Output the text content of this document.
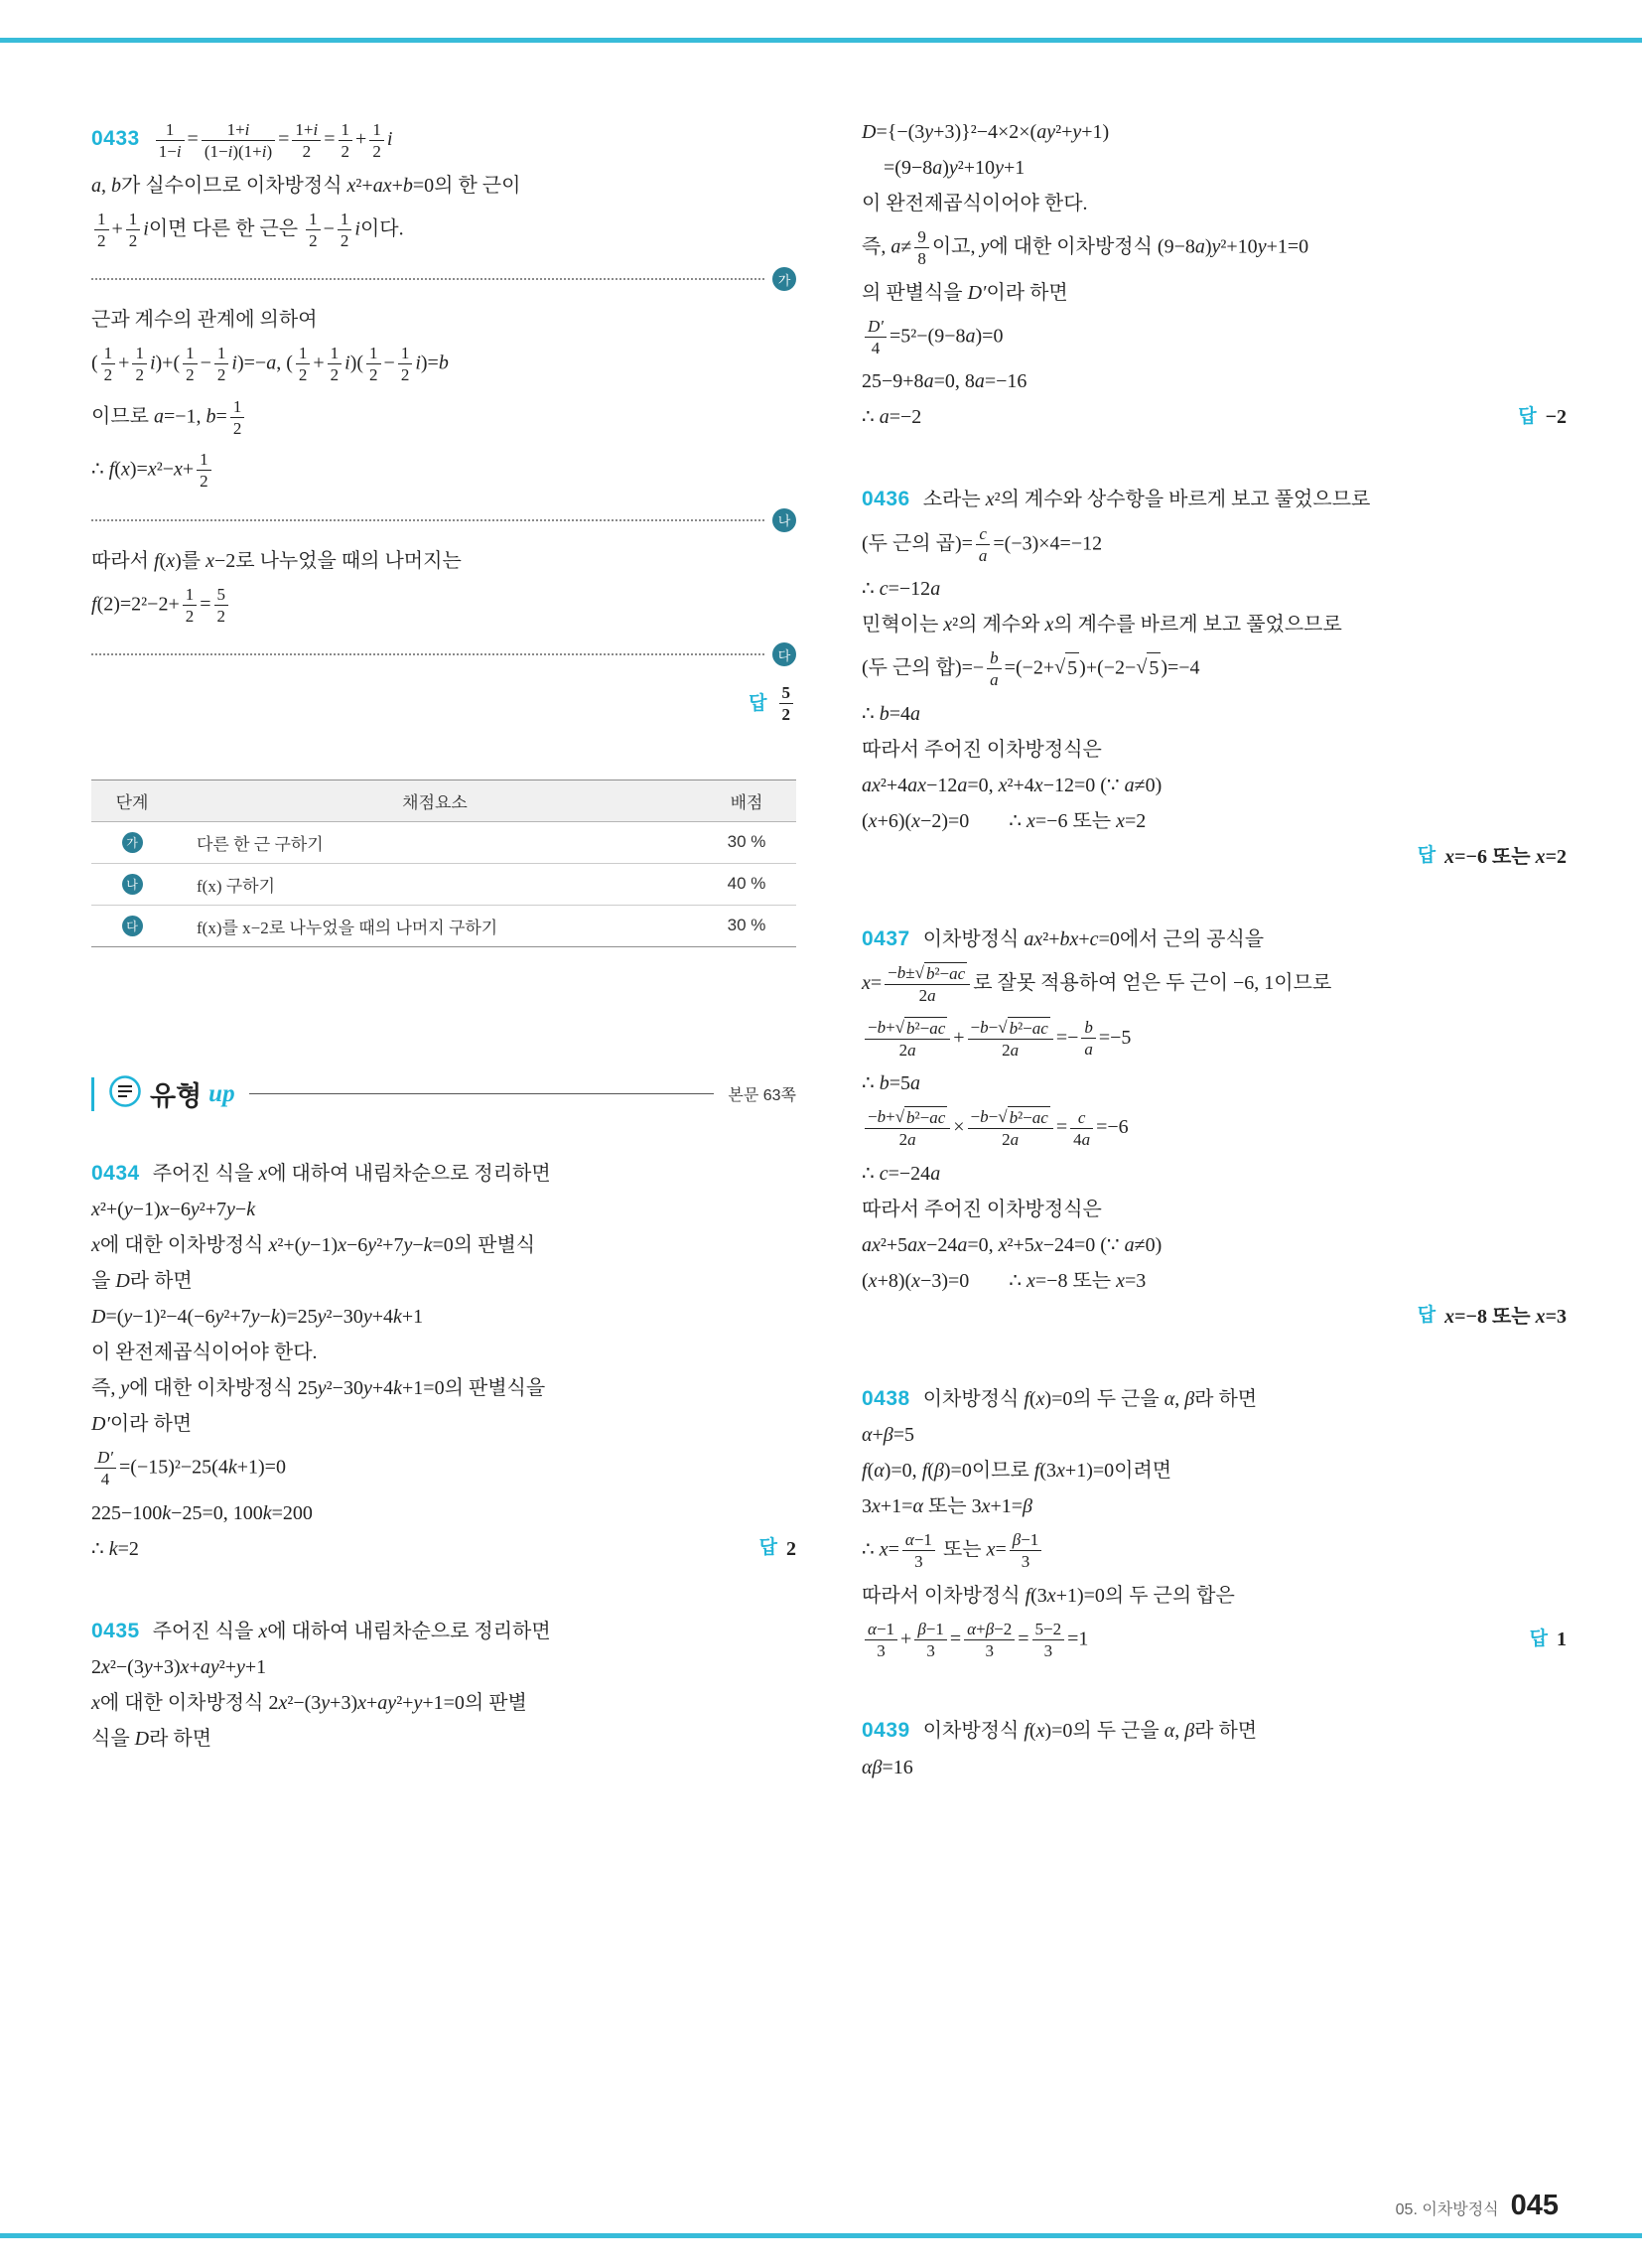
$0433 \frac{1}{1-i} = \frac{1+i}{(1-i)(1+i)} = \frac{1+i}{2} = \frac{1}{2} + \frac{1}{2}$ i
a, b가 실수이므로 이차방정식 x²+ax+b=0의 한 근이
$\frac{1}{2} + \frac{1}{2}$ i이면 다른 한 근은 $\frac{1}{2} - \frac{1}{2}$ i이다.
가
근과 계수의 관계에 의하여
( $\frac{1}{2} + \frac{1}{2} i)+( \frac{1}{2} - \frac{1}{2} i)=-a$, ( $\frac{1}{2} + \frac{1}{2} i)( \frac{1}{2} - \frac{1}{2} i)=b$
이므로 a=−1, $b= \frac{1}{2}$
∴ $f(x)=x^2-x+ \frac{1}{2}$
나
따라서 f(x)를 x−2로 나누었을 때의 나머지는
$f(2)=2^2-2+ \frac{1}{2} = \frac{5}{2}$
다
답 $\frac{5}{2}$
단계	채점요소	배점
가	다른 한 근 구하기	30 %
나	f(x) 구하기	40 %
다	f(x)를 x−2로 나누었을 때의 나머지 구하기	30 %
유형 up	본문 63쪽
0434 주어진 식을 x에 대하여 내림차순으로 정리하면
x²+(y−1)x−6y²+7y−k
x에 대한 이차방정식 x²+(y−1)x−6y²+7y−k=0의 판별식
을 D라 하면
D=(y−1)²−4(−6y²+7y−k)=25y²−30y+4k+1
이 완전제곱식이어야 한다.
즉, y에 대한 이차방정식 25y²−30y+4k+1=0의 판별식을
D′이라 하면
$\frac{D'}{4} =(-15)^2-25(4k+1)=0$
225−100k−25=0, 100k=200
∴ k=2	답 2
0435 주어진 식을 x에 대하여 내림차순으로 정리하면
2x²−(3y+3)x+ay²+y+1
x에 대한 이차방정식 2x²−(3y+3)x+ay²+y+1=0의 판별
식을 D라 하면
D={−(3y+3)}²−4×2×(ay²+y+1)
=(9−8a)y²+10y+1
이 완전제곱식이어야 한다.
즉, $a\ne \frac{9}{8}$ 이고, y에 대한 이차방정식 (9−8a)y²+10y+1=0
의 판별식을 D′이라 하면
$\frac{D'}{4} =5^2-(9-8a)=0$
25−9+8a=0, 8a=−16
∴ a=−2	답 −2
0436 소라는 x²의 계수와 상수항을 바르게 보고 풀었으므로
(두 근의 곱)= $\frac{c}{a} =(-3)\times 4=-12$
∴ c=−12a
민혁이는 x²의 계수와 x의 계수를 바르게 보고 풀었으므로
(두 근의 합)=− $\frac{b}{a} =(-2+$ √ 5 )+(−2− √ 5 )=−4
∴ b=4a
따라서 주어진 이차방정식은
ax²+4ax−12a=0, x²+4x−12=0 (∵ a≠0)
(x+6)(x−2)=0  ∴ x=−6 또는 x=2
답 x=−6 또는 x=2
0437 이차방정식 ax²+bx+c=0에서 근의 공식을
$x= \frac{\text{−b± √ b²−ac}}{2a}$ 로 잘못 적용하여 얻은 두 근이 −6, 1이므로
$\frac{\text{−b+ √ b²−ac}}{2a} + \frac{\text{−b− √ b²−ac}}{2a} =- \frac{b}{a} =-5$
∴ b=5a
$\frac{\text{−b+ √ b²−ac}}{2a} \times \frac{\text{−b− √ b²−ac}}{2a} = \frac{c}{4a} =-6$
∴ c=−24a
따라서 주어진 이차방정식은
ax²+5ax−24a=0, x²+5x−24=0 (∵ a≠0)
(x+8)(x−3)=0  ∴ x=−8 또는 x=3
답 x=−8 또는 x=3
0438 이차방정식 f(x)=0의 두 근을 α, β라 하면
α+β=5
f(α)=0, f(β)=0이므로 f(3x+1)=0이려면
3x+1=α 또는 3x+1=β
∴ $x= \frac{\alpha-1}{3}$ 또는 $x= \frac{\beta-1}{3}$
따라서 이차방정식 f(3x+1)=0의 두 근의 합은
$\frac{\alpha-1}{3} + \frac{\beta-1}{3} = \frac{\alpha+\beta-2}{3} = \frac{5-2}{3} =1$	답 1
0439 이차방정식 f(x)=0의 두 근을 α, β라 하면
αβ=16
05. 이차방정식 045
